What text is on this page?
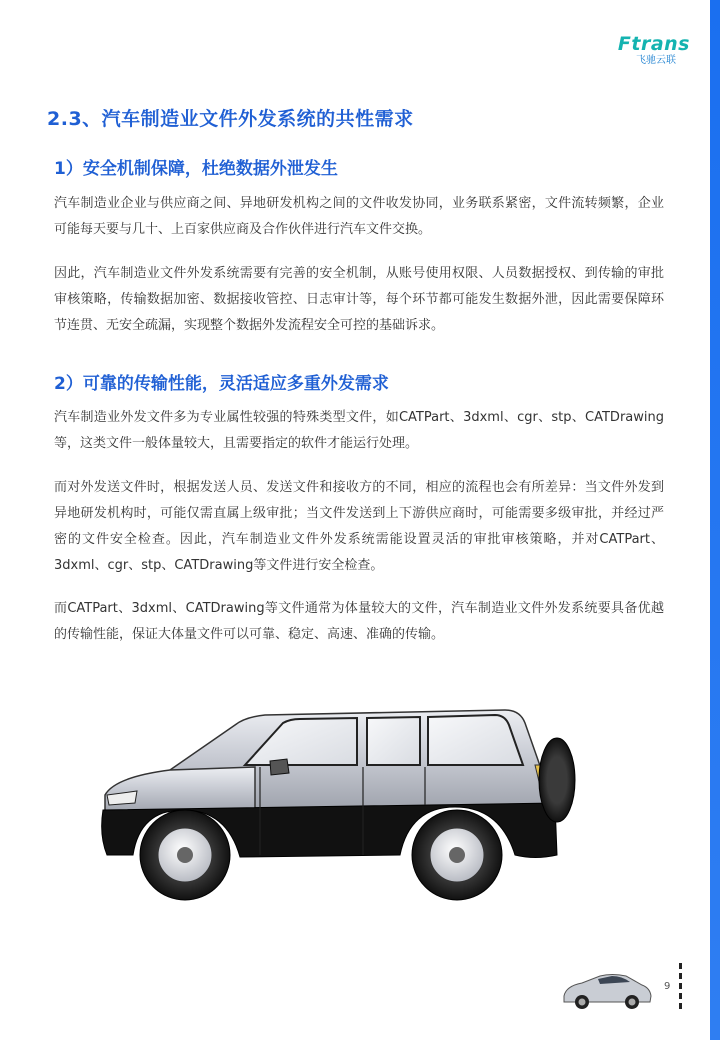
Ftrans
飞驰云联
2.3、汽车制造业文件外发系统的共性需求
1）安全机制保障，杜绝数据外泄发生

汽车制造业企业与供应商之间、异地研发机构之间的文件收发协同，业务联系紧密，文件流转频繁，企业可能每天要与几十、上百家供应商及合作伙伴进行汽车文件交换。

因此，汽车制造业文件外发系统需要有完善的安全机制，从账号使用权限、人员数据授权、到传输的审批审核策略，传输数据加密、数据接收管控、日志审计等，每个环节都可能发生数据外泄，因此需要保障环节连贯、无安全疏漏，实现整个数据外发流程安全可控的基础诉求。

2）可靠的传输性能，灵活适应多重外发需求

汽车制造业外发文件多为专业属性较强的特殊类型文件，如CATPart、3dxml、cgr、stp、CATDrawing等，这类文件一般体量较大，且需要指定的软件才能运行处理。

而对外发送文件时，根据发送人员、发送文件和接收方的不同，相应的流程也会有所差异：当文件外发到异地研发机构时，可能仅需直属上级审批；当文件发送到上下游供应商时，可能需要多级审批，并经过严密的文件安全检查。因此，汽车制造业文件外发系统需能设置灵活的审批审核策略，并对CATPart、3dxml、cgr、stp、CATDrawing等文件进行安全检查。

而CATPart、3dxml、CATDrawing等文件通常为体量较大的文件，汽车制造业文件外发系统要具备优越的传输性能，保证大体量文件可以可靠、稳定、高速、准确的传输。

9
